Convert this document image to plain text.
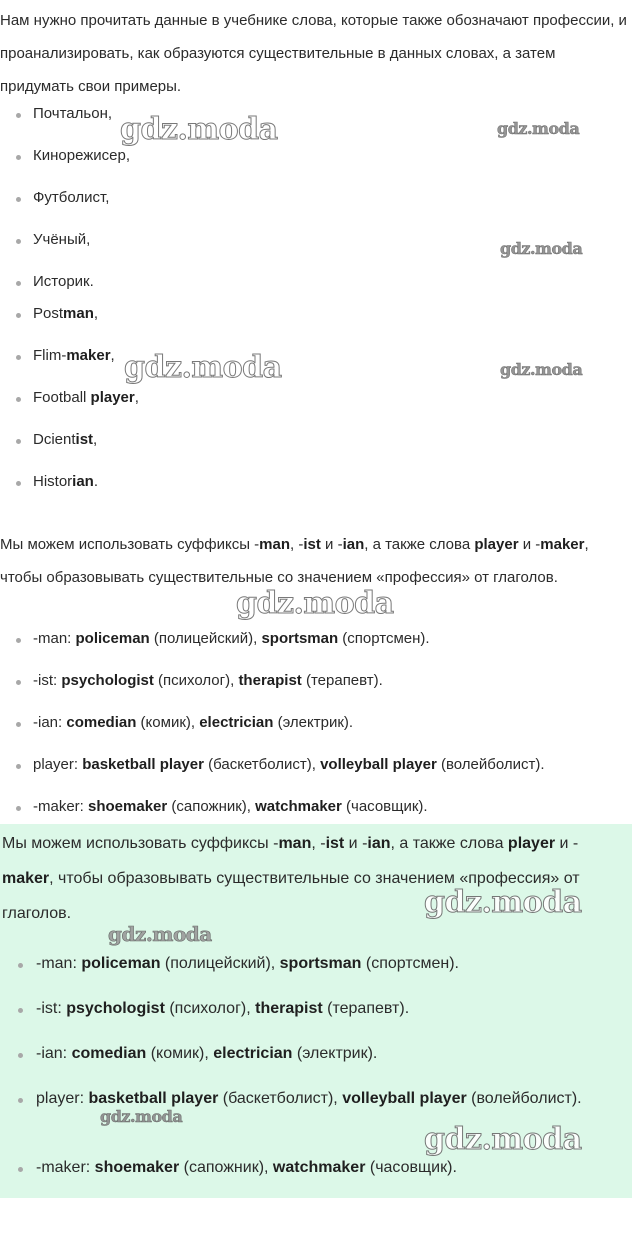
Нам нужно прочитать данные в учебнике слова, которые также обозначают профессии, и проанализировать, как образуются существительные в данных словах, а затем придумать свои примеры.

Почтальон,
Кинорежисер,
Футболист,
Учёный,
Историк.
Postman,
Flim-maker,
Football player,
Dcientist,
Historian.

Мы можем использовать суффиксы -man, -ist и -ian, а также слова player и -maker, чтобы образовывать существительные со значением «профессия» от глаголов.

-man: policeman (полицейский), sportsman (спортсмен).
-ist: psychologist (психолог), therapist (терапевт).
-ian: comedian (комик), electrician (электрик).
player: basketball player (баскетболист), volleyball player (волейболист).
-maker: shoemaker (сапожник), watchmaker (часовщик).

Мы можем использовать суффиксы -man, -ist и -ian, а также слова player и -maker, чтобы образовывать существительные со значением «профессия» от глаголов.

-man: policeman (полицейский), sportsman (спортсмен).
-ist: psychologist (психолог), therapist (терапевт).
-ian: comedian (комик), electrician (электрик).
player: basketball player (баскетболист), volleyball player (волейболист).
-maker: shoemaker (сапожник), watchmaker (часовщик).
gdz.moda	gdz.moda
gdz.moda
gdz.moda	gdz.moda
gdz.moda
gdz.moda
gdz.moda
gdz.moda
gdz.moda
